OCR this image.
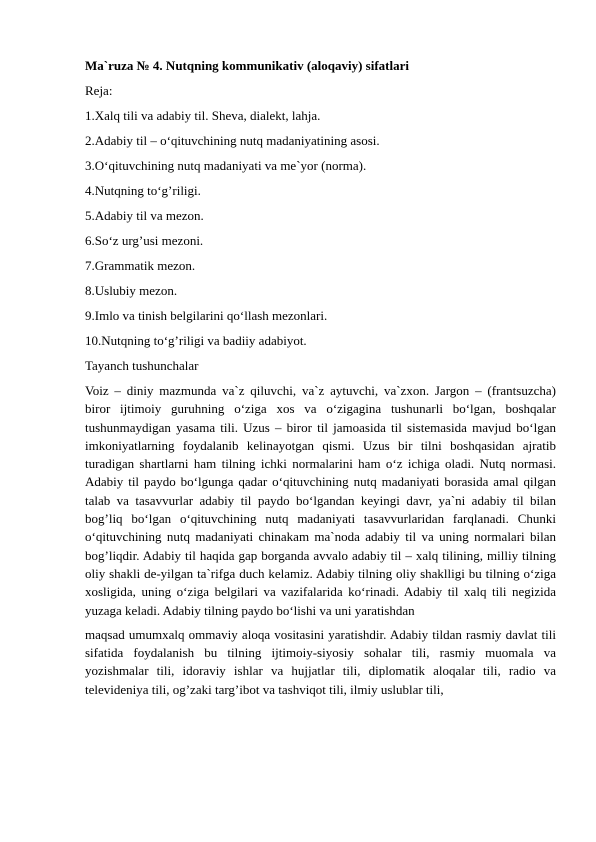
Ma`ruza № 4. Nutqning kommunikativ (aloqaviy) sifatlari
Reja:
1.Xalq tili va adabiy til. Sheva, dialekt, lahja.
2.Adabiy til – o‘qituvchining nutq madaniyatining asosi.
3.O‘qituvchining nutq madaniyati va me`yor (norma).
4.Nutqning to‘g’riligi.
5.Adabiy til va mezon.
6.So‘z urg’usi mezoni.
7.Grammatik mezon.
8.Uslubiy mezon.
9.Imlo va tinish belgilarini qo‘llash mezonlari.
10.Nutqning to‘g’riligi va badiiy adabiyot.
Tayanch tushunchalar

Voiz – diniy mazmunda va`z qiluvchi, va`z aytuvchi, va`zxon. Jargon – (frantsuzcha) biror ijtimoiy guruhning o‘ziga xos va o‘zigagina tushunarli bo‘lgan, boshqalar tushunmaydigan yasama tili. Uzus – biror til jamoasida til sistemasida mavjud bo‘lgan imkoniyatlarning foydalanib kelinayotgan qismi. Uzus bir tilni boshqasidan ajratib turadigan shartlarni ham tilning ichki normalarini ham o‘z ichiga oladi. Nutq normasi. Adabiy til paydo bo‘lgunga qadar o‘qituvchining nutq madaniyati borasida amal qilgan talab va tasavvurlar adabiy til paydo bo‘lgandan keyingi davr, ya`ni adabiy til bilan bog’liq bo‘lgan o‘qituvchining nutq madaniyati tasavvurlaridan farqlanadi. Chunki o‘qituvchining nutq madaniyati chinakam ma`noda adabiy til va uning normalari bilan bog’liqdir. Adabiy til haqida gap borganda avvalo adabiy til – xalq tilining, milliy tilning oliy shakli de-yilgan ta`rifga duch kelamiz. Adabiy tilning oliy shaklligi bu tilning o‘ziga xosligida, uning o‘ziga belgilari va vazifalarida ko‘rinadi. Adabiy til xalq tili negizida yuzaga keladi. Adabiy tilning paydo bo‘lishi va uni yaratishdan

maqsad umumxalq ommaviy aloqa vositasini yaratishdir. Adabiy tildan rasmiy davlat tili sifatida foydalanish bu tilning ijtimoiy-siyosiy sohalar tili, rasmiy muomala va yozishmalar tili, idoraviy ishlar va hujjatlar tili, diplomatik aloqalar tili, radio va televideniya tili, og’zaki targ’ibot va tashviqot tili, ilmiy uslublar tili,
